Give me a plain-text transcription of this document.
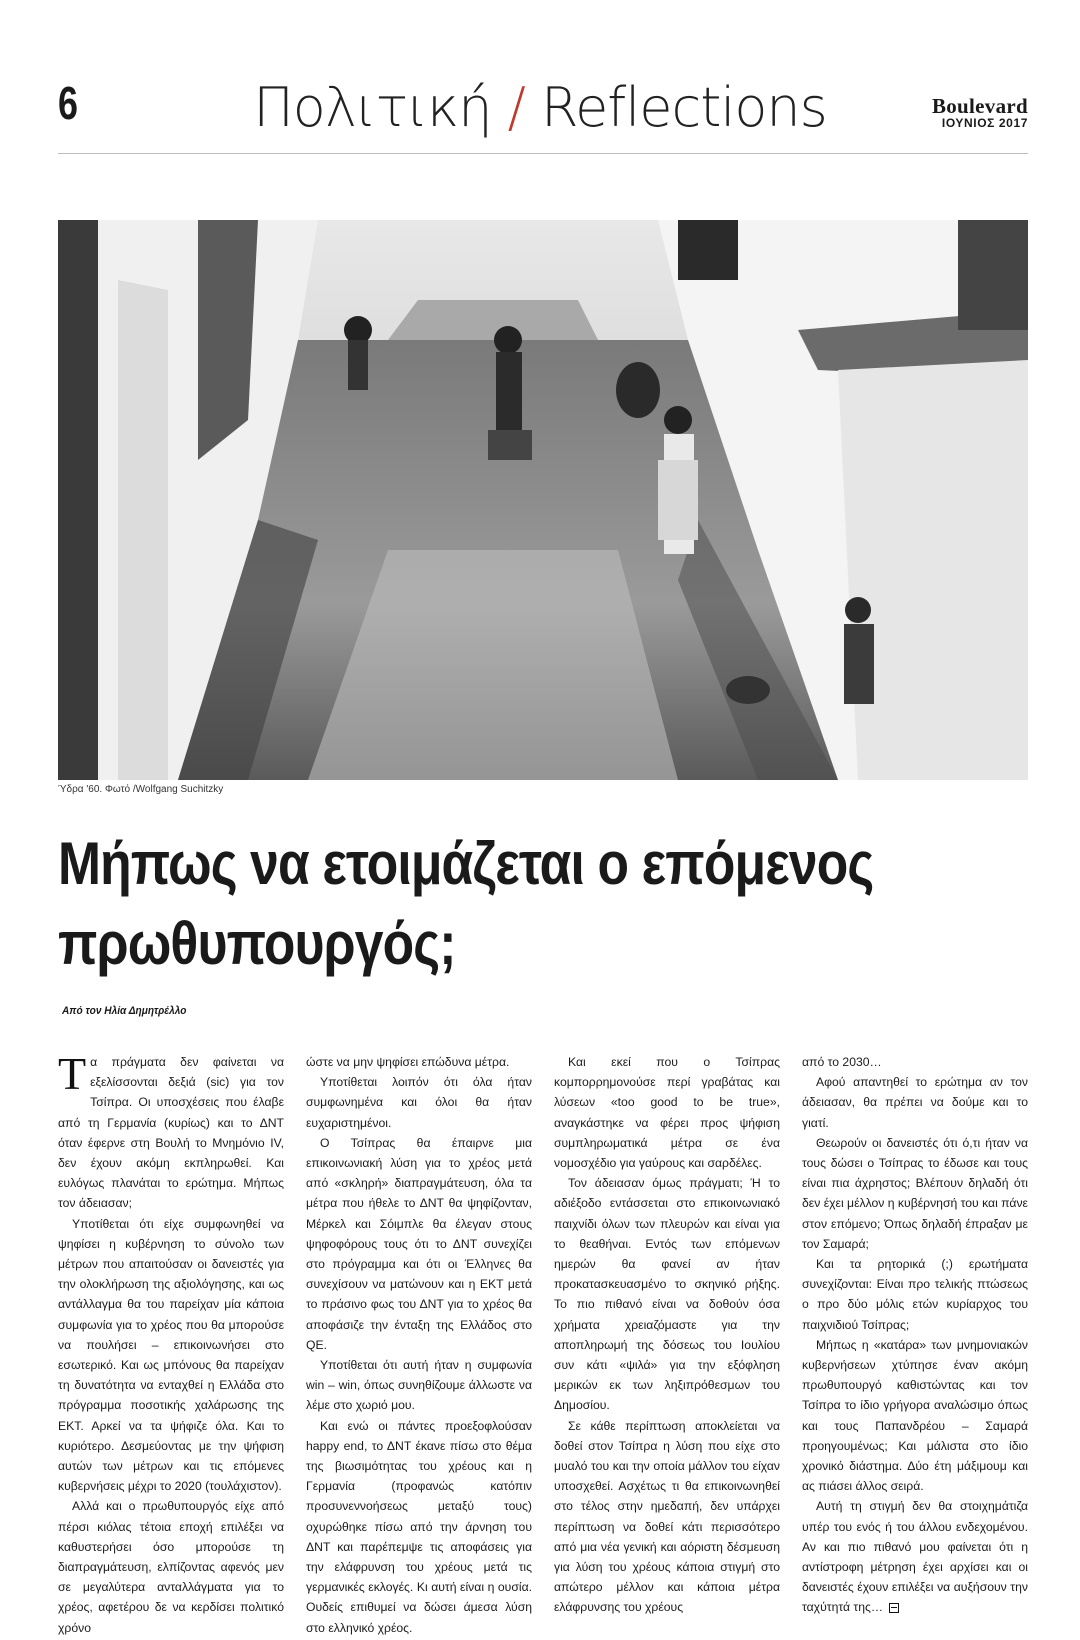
6	Πολιτική / Reflections	Boulevard
ΙΟΥΝΙΟΣ 2017
Ύδρα '60. Φωτό /Wolfgang Suchitzky
Μήπως να ετοιμάζεται ο επόμενος
πρωθυπουργός;
Από τον Ηλία Δημητρέλλο

Τα πράγματα δεν φαίνεται να εξελίσσονται δεξιά (sic) για τον Τσίπρα. Οι υποσχέσεις που έλαβε από τη Γερμανία (κυρίως) και το ΔΝΤ όταν έφερνε στη Βουλή το Μνημόνιο IV, δεν έχουν ακόμη εκπληρωθεί. Και ευλόγως πλανάται το ερώτημα. Μήπως τον άδειασαν;

Υποτίθεται ότι είχε συμφωνηθεί να ψηφίσει η κυβέρνηση το σύνολο των μέτρων που απαιτούσαν οι δανειστές για την ολοκλήρωση της αξιολόγησης, και ως αντάλλαγμα θα του παρείχαν μία κάποια συμφωνία για το χρέος που θα μπορούσε να πουλήσει – επικοινωνήσει στο εσωτερικό. Και ως μπόνους θα παρείχαν τη δυνατότητα να ενταχθεί η Ελλάδα στο πρόγραμμα ποσοτικής χαλάρωσης της ΕΚΤ. Αρκεί να τα ψήφιζε όλα. Και το κυριότερο. Δεσμεύοντας με την ψήφιση αυτών των μέτρων και τις επόμενες κυβερνήσεις μέχρι το 2020 (τουλάχιστον).

Αλλά και ο πρωθυπουργός είχε από πέρσι κιόλας τέτοια εποχή επιλέξει να καθυστερήσει όσο μπορούσε τη διαπραγμάτευση, ελπίζοντας αφενός μεν σε μεγαλύτερα ανταλλάγματα για το χρέος, αφετέρου δε να κερδίσει πολιτικό χρόνο

ώστε να μην ψηφίσει επώδυνα μέτρα.

Υποτίθεται λοιπόν ότι όλα ήταν συμφωνημένα και όλοι θα ήταν ευχαριστημένοι.

Ο Τσίπρας θα έπαιρνε μια επικοινωνιακή λύση για το χρέος μετά από «σκληρή» διαπραγμάτευση, όλα τα μέτρα που ήθελε το ΔΝΤ θα ψηφίζονταν, Μέρκελ και Σόιμπλε θα έλεγαν στους ψηφοφόρους τους ότι το ΔΝΤ συνεχίζει στο πρόγραμμα και ότι οι Έλληνες θα συνεχίσουν να ματώνουν και η ΕΚΤ μετά το πράσινο φως του ΔΝΤ για το χρέος θα αποφάσιζε την ένταξη της Ελλάδος στο QE.

Υποτίθεται ότι αυτή ήταν η συμφωνία win – win, όπως συνηθίζουμε άλλωστε να λέμε στο χωριό μου.

Και ενώ οι πάντες προεξοφλούσαν happy end, το ΔΝΤ έκανε πίσω στο θέμα της βιωσιμότητας του χρέους και η Γερμανία (προφανώς κατόπιν προσυνεννοήσεως μεταξύ τους) οχυρώθηκε πίσω από την άρνηση του ΔΝΤ και παρέπεμψε τις αποφάσεις για την ελάφρυνση του χρέους μετά τις γερμανικές εκλογές. Κι αυτή είναι η ουσία. Ουδείς επιθυμεί να δώσει άμεσα λύση στο ελληνικό χρέος.

Και εκεί που ο Τσίπρας κομπορρημονούσε περί γραβάτας και λύσεων «too good to be true», αναγκάστηκε να φέρει προς ψήφιση συμπληρωματικά μέτρα σε ένα νομοσχέδιο για γαύρους και σαρδέλες.

Τον άδειασαν όμως πράγματι; Ή το αδιέξοδο εντάσσεται στο επικοινωνιακό παιχνίδι όλων των πλευρών και είναι για το θεαθήναι. Εντός των επόμενων ημερών θα φανεί αν ήταν προκατασκευασμένο το σκηνικό ρήξης. Το πιο πιθανό είναι να δοθούν όσα χρήματα χρειαζόμαστε για την αποπληρωμή της δόσεως του Ιουλίου συν κάτι «ψιλά» για την εξόφληση μερικών εκ των ληξιπρόθεσμων του Δημοσίου.

Σε κάθε περίπτωση αποκλείεται να δοθεί στον Τσίπρα η λύση που είχε στο μυαλό του και την οποία μάλλον του είχαν υποσχεθεί. Ασχέτως τι θα επικοινωνηθεί στο τέλος στην ημεδαπή, δεν υπάρχει περίπτωση να δοθεί κάτι περισσότερο από μια νέα γενική και αόριστη δέσμευση για λύση του χρέους κάποια στιγμή στο απώτερο μέλλον και κάποια μέτρα ελάφρυνσης του χρέους

από το 2030…

Αφού απαντηθεί το ερώτημα αν τον άδειασαν, θα πρέπει να δούμε και το γιατί.

Θεωρούν οι δανειστές ότι ό,τι ήταν να τους δώσει ο Τσίπρας το έδωσε και τους είναι πια άχρηστος; Βλέπουν δηλαδή ότι δεν έχει μέλλον η κυβέρνησή του και πάνε στον επόμενο; Όπως δηλαδή έπραξαν με τον Σαμαρά;

Και τα ρητορικά (;) ερωτήματα συνεχίζονται: Είναι προ τελικής πτώσεως ο προ δύο μόλις ετών κυρίαρχος του παιχνιδιού Τσίπρας;

Μήπως η «κατάρα» των μνημονιακών κυβερνήσεων χτύπησε έναν ακόμη πρωθυπουργό καθιστώντας και τον Τσίπρα το ίδιο γρήγορα αναλώσιμο όπως και τους Παπανδρέου – Σαμαρά προηγουμένως; Και μάλιστα στο ίδιο χρονικό διάστημα. Δύο έτη μάξιμουμ και ας πιάσει άλλος σειρά.

Αυτή τη στιγμή δεν θα στοιχημάτιζα υπέρ του ενός ή του άλλου ενδεχομένου. Αν και πιο πιθανό μου φαίνεται ότι η αντίστροφη μέτρηση έχει αρχίσει και οι δανειστές έχουν επιλέξει να αυξήσουν την ταχύτητά της…
